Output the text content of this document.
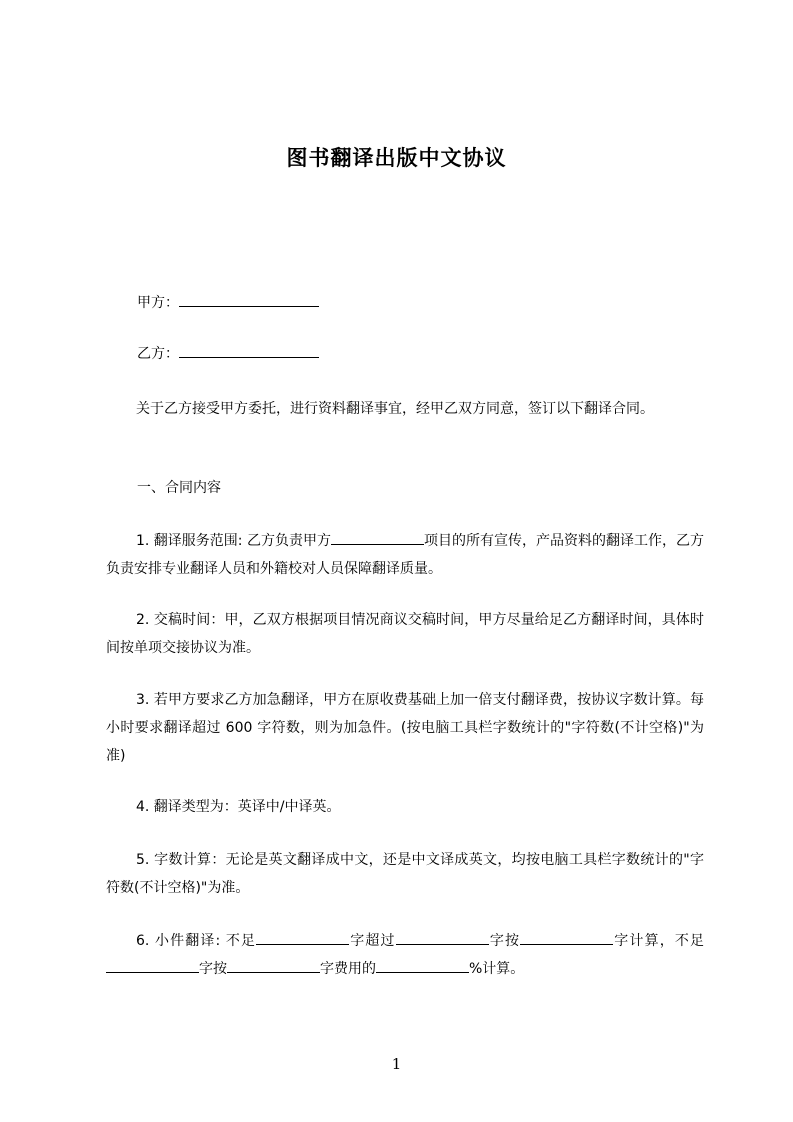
图书翻译出版中文协议
甲方：
乙方：

关于乙方接受甲方委托，进行资料翻译事宜，经甲乙双方同意，签订以下翻译合同。

一、合同内容

1. 翻译服务范围: 乙方负责甲方	项目的所有宣传，产品资料的翻译工作，乙方负责安排专业翻译人员和外籍校对人员保障翻译质量。

2. 交稿时间：甲，乙双方根据项目情况商议交稿时间，甲方尽量给足乙方翻译时间，具体时间按单项交接协议为准。

3. 若甲方要求乙方加急翻译，甲方在原收费基础上加一倍支付翻译费，按协议字数计算。每小时要求翻译超过 600 字符数，则为加急件。(按电脑工具栏字数统计的"字符数(不计空格)"为准)

4. 翻译类型为：英译中/中译英。

5. 字数计算：无论是英文翻译成中文，还是中文译成英文，均按电脑工具栏字数统计的"字符数(不计空格)"为准。

6. 小件翻译: 不足	字超过	字按	字计算，不足字按	字费用的	%计算。

1
